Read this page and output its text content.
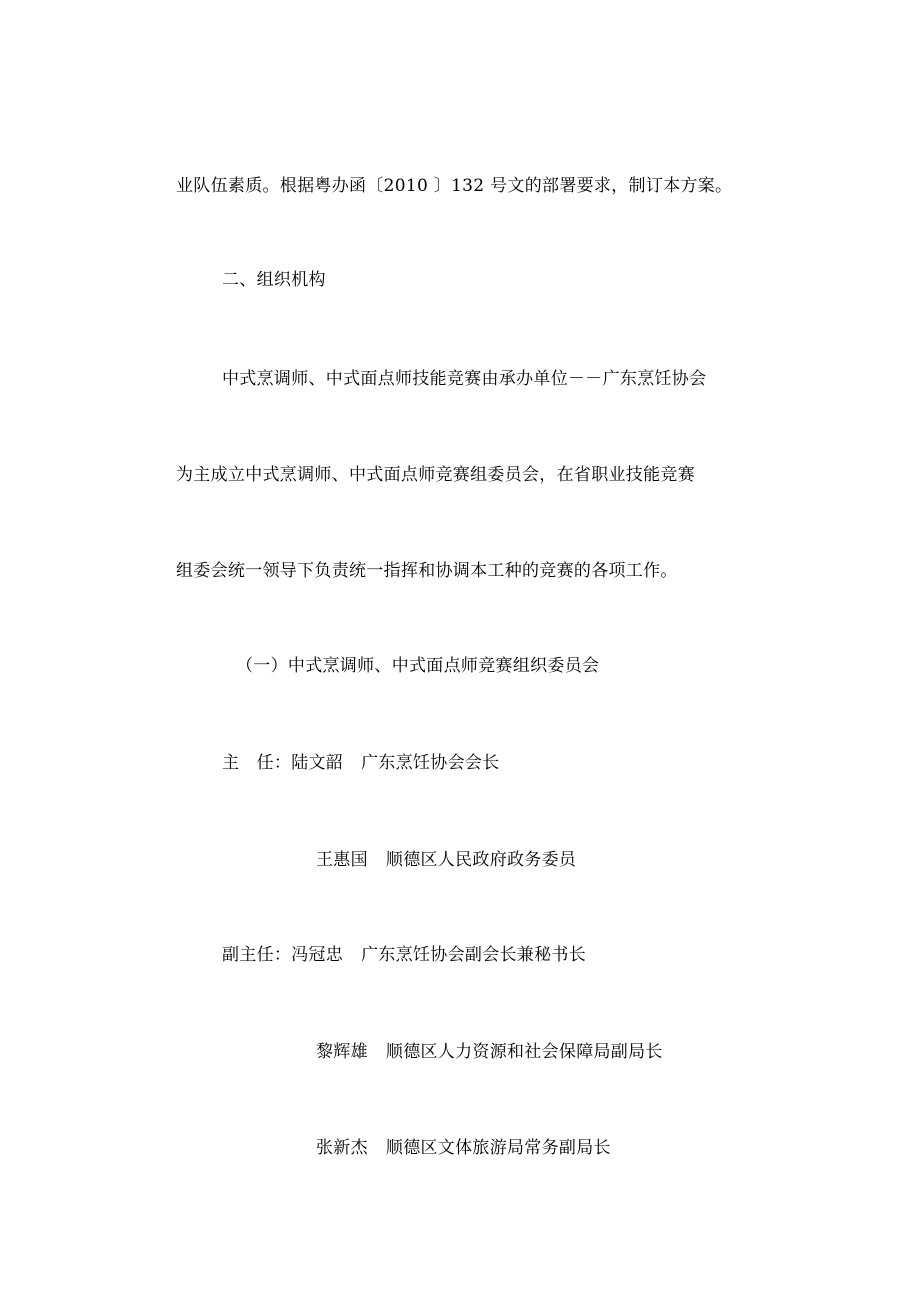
业队伍素质。根据粤办函〔2010 〕132 号文的部署要求，制订本方案。
二、组织机构
中式烹调师、中式面点师技能竞赛由承办单位－－广东烹饪协会
为主成立中式烹调师、中式面点师竞赛组委员会，在省职业技能竞赛
组委会统一领导下负责统一指挥和协调本工种的竞赛的各项工作。
（一）中式烹调师、中式面点师竞赛组织委员会
主　任：陆文韶 广东烹饪协会会长
王惠国 顺德区人民政府政务委员
副主任：冯冠忠 广东烹饪协会副会长兼秘书长
黎辉雄 顺德区人力资源和社会保障局副局长
张新杰 顺德区文体旅游局常务副局长
